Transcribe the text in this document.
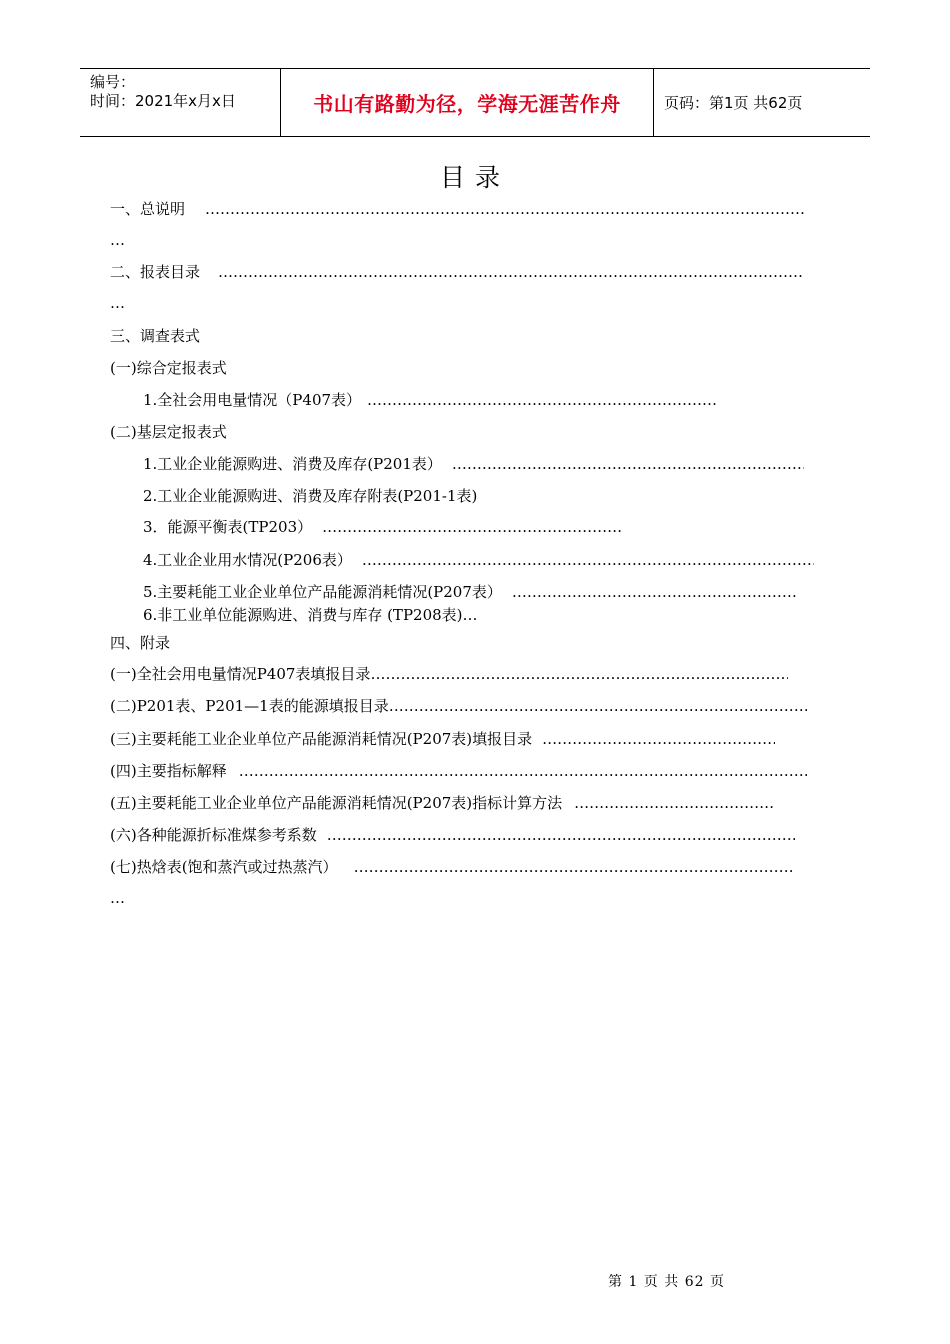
编号：
时间：2021年x月x日	书山有路勤为径，学海无涯苦作舟	页码：第1页 共62页
目录
一、总说明
…………………………………………………………………………………………………………………………………………………………………………………………
…
二、报表目录
…………………………………………………………………………………………………………………………………………………………………………………………
…
三、调查表式
(一)综合定报表式
1.全社会用电量情况（P407表）
…………………………………………………………………………………………………………………………………………………………………………………………
(二)基层定报表式
1.工业企业能源购进、消费及库存(P201表）
…………………………………………………………………………………………………………………………………………………………………………………………
2.工业企业能源购进、消费及库存附表(P201-1表)
3．能源平衡表(TP203）
…………………………………………………………………………………………………………………………………………………………………………………………
4.工业企业用水情况(P206表）
…………………………………………………………………………………………………………………………………………………………………………………………
5.主要耗能工业企业单位产品能源消耗情况(P207表）
…………………………………………………………………………………………………………………………………………………………………………………………
6.非工业单位能源购进、消费与库存 (TP208表)…
四、附录
(一)全社会用电量情况P407表填报目录
…………………………………………………………………………………………………………………………………………………………………………………………
(二)P201表、P201—1表的能源填报目录
…………………………………………………………………………………………………………………………………………………………………………………………
(三)主要耗能工业企业单位产品能源消耗情况(P207表)填报目录
…………………………………………………………………………………………………………………………………………………………………………………………
(四)主要指标解释
…………………………………………………………………………………………………………………………………………………………………………………………
(五)主要耗能工业企业单位产品能源消耗情况(P207表)指标计算方法
…………………………………………………………………………………………………………………………………………………………………………………………
(六)各种能源折标准煤参考系数
…………………………………………………………………………………………………………………………………………………………………………………………
(七)热焓表(饱和蒸汽或过热蒸汽）
…………………………………………………………………………………………………………………………………………………………………………………………
…
第 1 页 共 62 页
